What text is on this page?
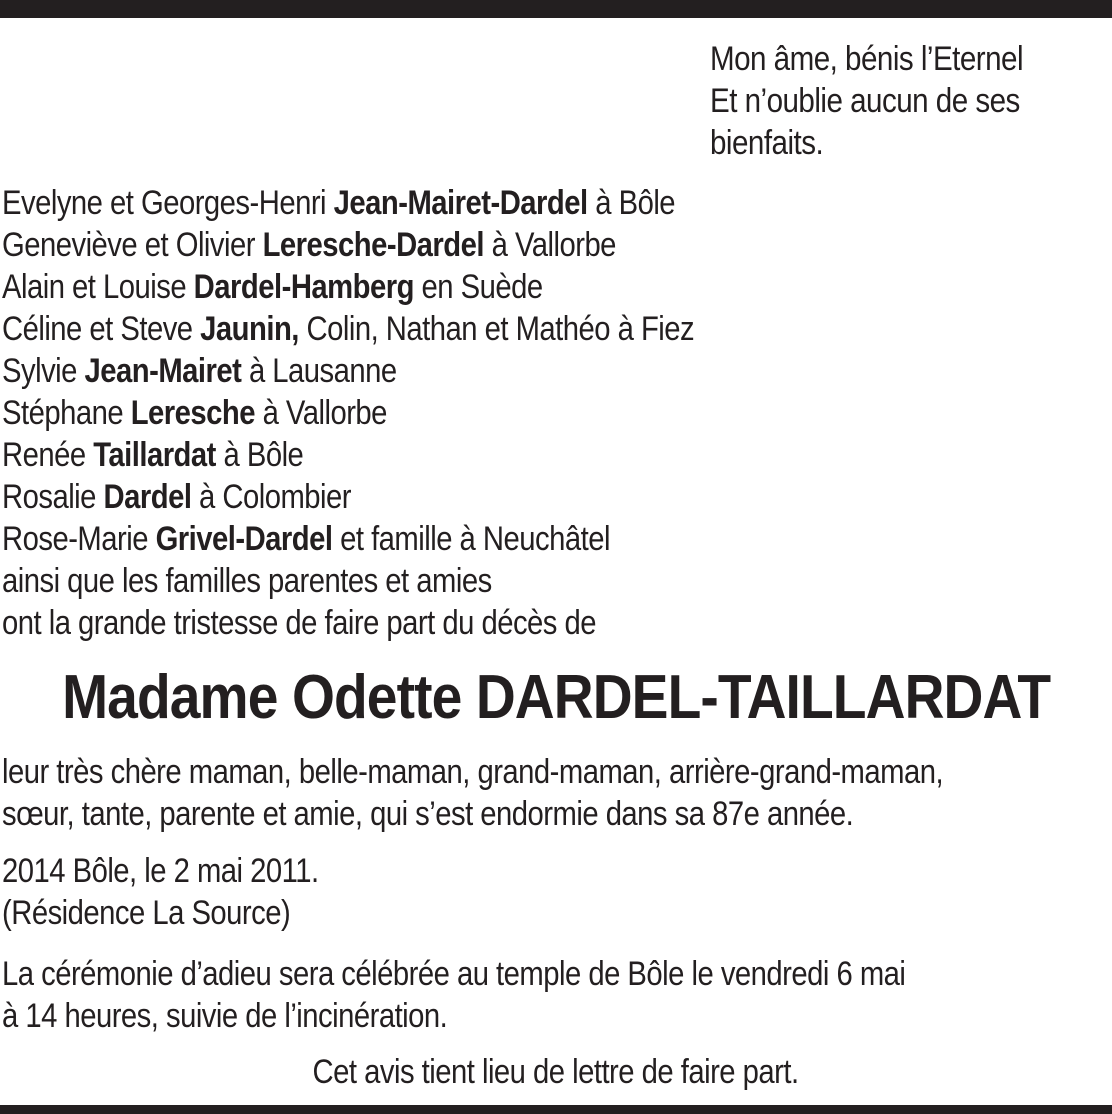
Mon âme, bénis l’Eternel
Et n’oublie aucun de ses
bienfaits.
Evelyne et Georges-Henri Jean-Mairet-Dardel à Bôle
Geneviève et Olivier Leresche-Dardel à Vallorbe
Alain et Louise Dardel-Hamberg en Suède
Céline et Steve Jaunin, Colin, Nathan et Mathéo à Fiez
Sylvie Jean-Mairet à Lausanne
Stéphane Leresche à Vallorbe
Renée Taillardat à Bôle
Rosalie Dardel à Colombier
Rose-Marie Grivel-Dardel et famille à Neuchâtel
ainsi que les familles parentes et amies
ont la grande tristesse de faire part du décès de
Madame Odette DARDEL-TAILLARDAT
leur très chère maman, belle-maman, grand-maman, arrière-grand-maman,
sœur, tante, parente et amie, qui s’est endormie dans sa 87e année.
2014 Bôle, le 2 mai 2011.
(Résidence La Source)
La cérémonie d’adieu sera célébrée au temple de Bôle le vendredi 6 mai
à 14 heures, suivie de l’incinération.
Cet avis tient lieu de lettre de faire part.
